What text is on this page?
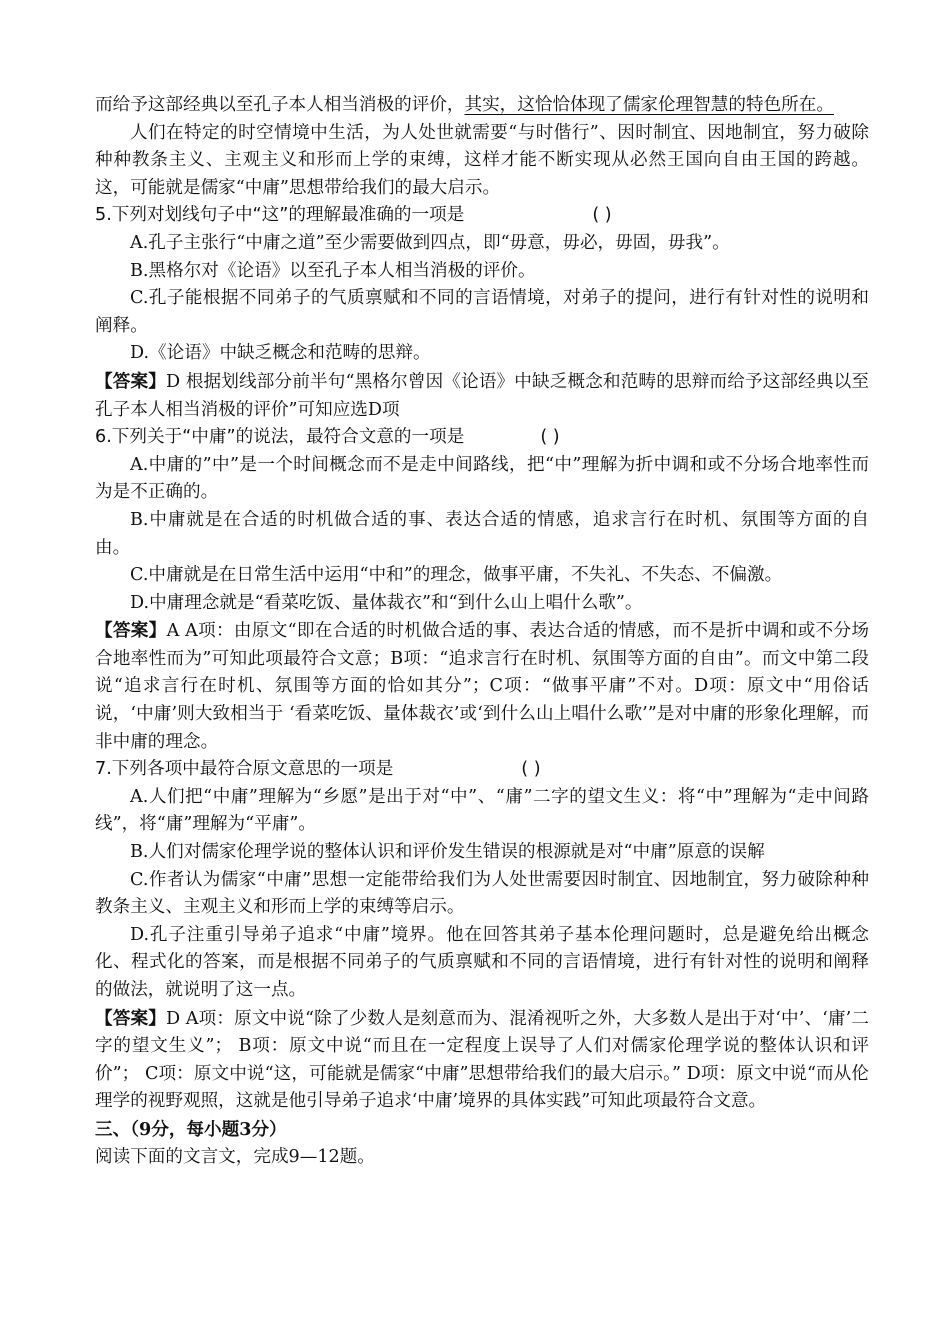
而给予这部经典以至孔子本人相当消极的评价，其实，这恰恰体现了儒家伦理智慧的特色所在。

人们在特定的时空情境中生活，为人处世就需要“与时偕行”、因时制宜、因地制宜，努力破除种种教条主义、主观主义和形而上学的束缚，这样才能不断实现从必然王国向自由王国的跨越。这，可能就是儒家“中庸”思想带给我们的最大启示。

5.下列对划线句子中“这”的理解最准确的一项是	( )

A.孔子主张行“中庸之道”至少需要做到四点，即“毋意，毋必，毋固，毋我”。

B.黑格尔对《论语》以至孔子本人相当消极的评价。

C.孔子能根据不同弟子的气质禀赋和不同的言语情境，对弟子的提问，进行有针对性的说明和阐释。

D.《论语》中缺乏概念和范畴的思辩。

【答案】D 根据划线部分前半句“黑格尔曾因《论语》中缺乏概念和范畴的思辩而给予这部经典以至孔子本人相当消极的评价”可知应选D项

6.下列关于“中庸”的说法，最符合文意的一项是	( )

A.中庸的”中”是一个时间概念而不是走中间路线，把“中”理解为折中调和或不分场合地率性而为是不正确的。

B.中庸就是在合适的时机做合适的事、表达合适的情感，追求言行在时机、氛围等方面的自由。

C.中庸就是在日常生活中运用“中和”的理念，做事平庸，不失礼、不失态、不偏激。

D.中庸理念就是“看菜吃饭、量体裁衣”和“到什么山上唱什么歌”。

【答案】A A项：由原文“即在合适的时机做合适的事、表达合适的情感，而不是折中调和或不分场合地率性而为”可知此项最符合文意；B项：“追求言行在时机、氛围等方面的自由”。而文中第二段说“追求言行在时机、氛围等方面的恰如其分”；C项：“做事平庸”不对。D项：原文中“用俗话说，‘中庸’则大致相当于 ‘看菜吃饭、量体裁衣’或‘到什么山上唱什么歌’”是对中庸的形象化理解，而非中庸的理念。

7.下列各项中最符合原文意思的一项是	( )

A.人们把“中庸”理解为“乡愿”是出于对“中”、“庸”二字的望文生义：将“中”理解为“走中间路线”，将“庸”理解为“平庸”。

B.人们对儒家伦理学说的整体认识和评价发生错误的根源就是对“中庸”原意的误解

C.作者认为儒家“中庸”思想一定能带给我们为人处世需要因时制宜、因地制宜，努力破除种种教条主义、主观主义和形而上学的束缚等启示。

D.孔子注重引导弟子追求“中庸”境界。他在回答其弟子基本伦理问题时，总是避免给出概念化、程式化的答案，而是根据不同弟子的气质禀赋和不同的言语情境，进行有针对性的说明和阐释的做法，就说明了这一点。

【答案】D A项：原文中说“除了少数人是刻意而为、混淆视听之外，大多数人是出于对‘中’、‘庸’二字的望文生义”； B项：原文中说“而且在一定程度上误导了人们对儒家伦理学说的整体认识和评价”； C项：原文中说“这，可能就是儒家“中庸”思想带给我们的最大启示。” D项：原文中说“而从伦理学的视野观照，这就是他引导弟子追求‘中庸’境界的具体实践”可知此项最符合文意。

三、（9分，每小题3分）

阅读下面的文言文，完成9—12题。
